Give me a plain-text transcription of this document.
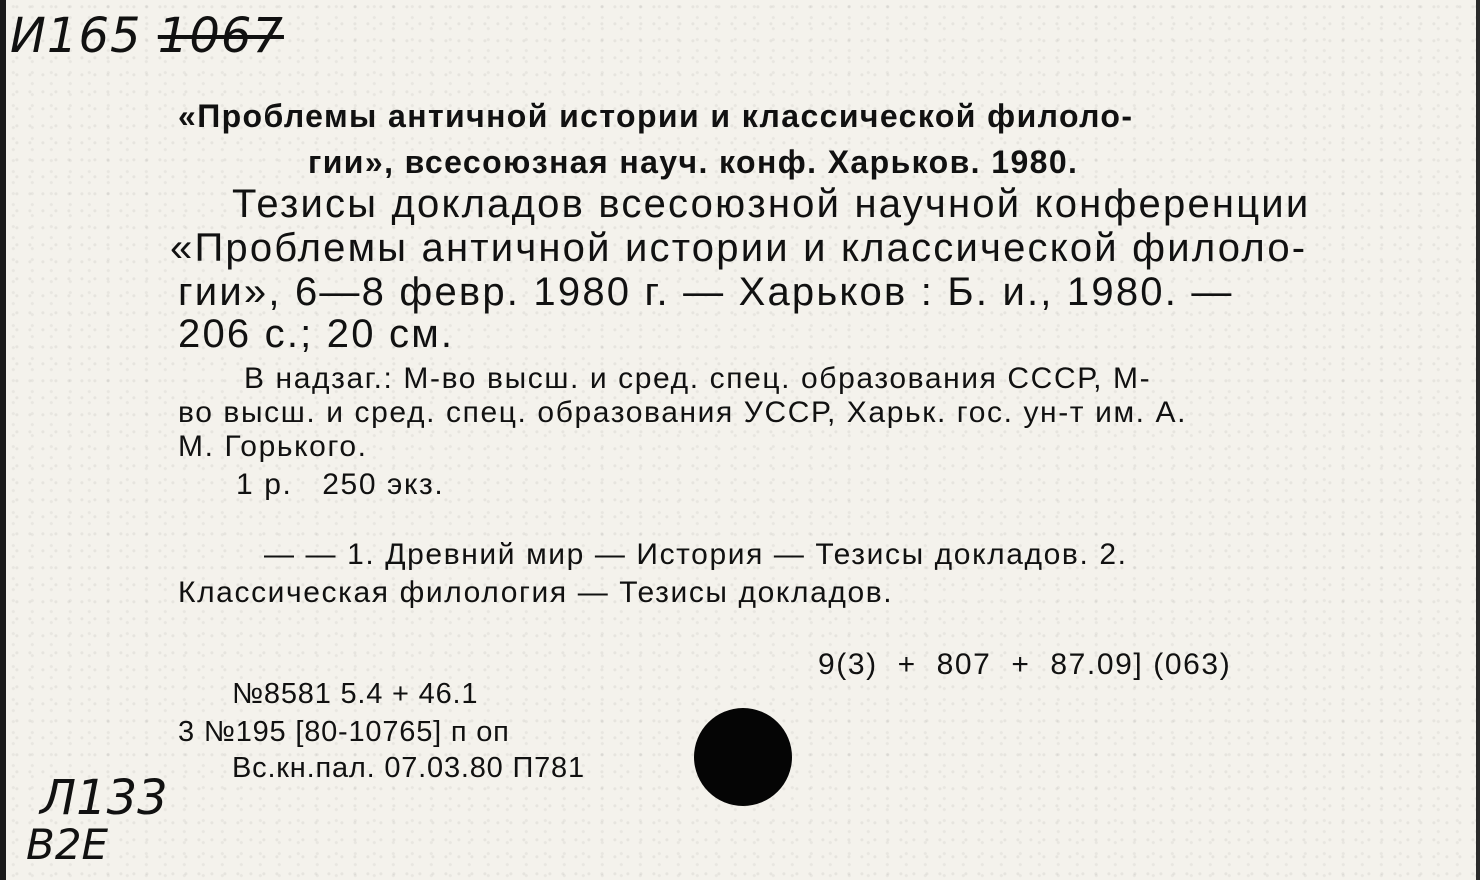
И165 1067
«Проблемы античной истории и классической филоло-
гии», всесоюзная науч. конф. Харьков. 1980.
Тезисы докладов всесоюзной научной конференции
«Проблемы античной истории и классической филоло-
гии», 6—8 февр. 1980 г. — Харьков : Б. и., 1980. —
206 с.; 20 см.
В надзаг.: М-во высш. и сред. спец. образования СССР, М-
во высш. и сред. спец. образования УССР, Харьк. гос. ун-т им. А.
М. Горького.
1 р.   250 экз.
— — 1. Древний мир — История — Тезисы докладов. 2.
Классическая филология — Тезисы докладов.
9(3)  +  807  +  87.09] (063)
№8581 5.4 + 46.1
3 №195 [80-10765] п оп
Вс.кн.пал. 07.03.80 П781
Л133
В2Е
